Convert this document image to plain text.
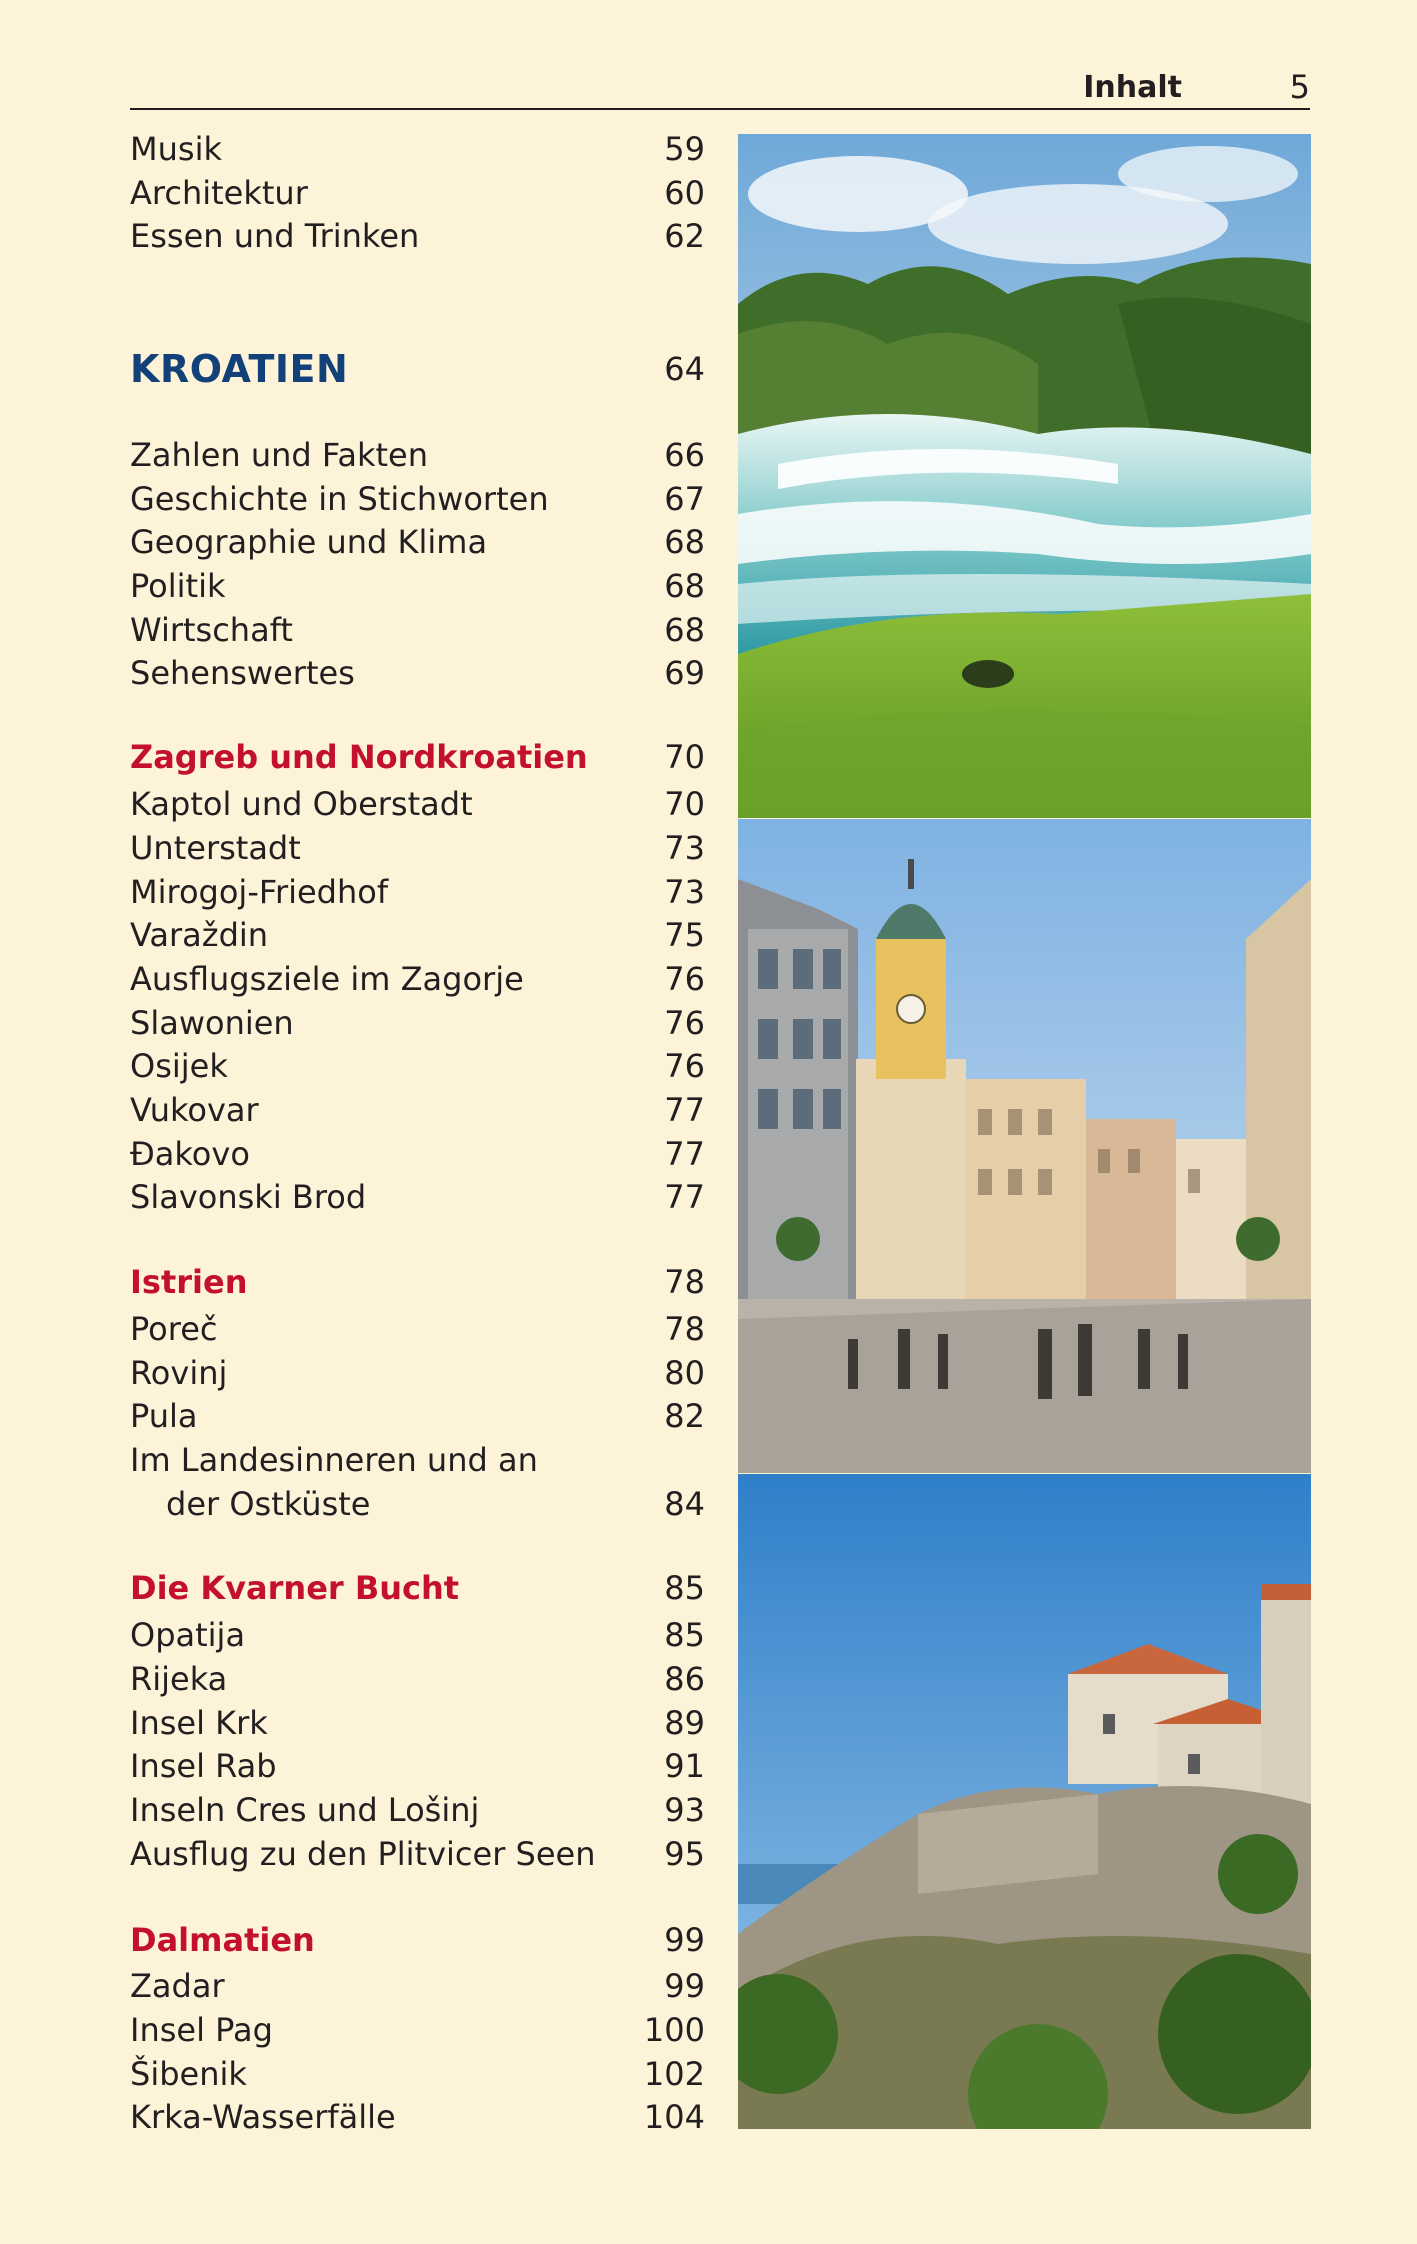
Inhalt	5
Musik	59
Architektur	60
Essen und Trinken	62
KROATIEN	64
Zahlen und Fakten	66
Geschichte in Stichworten	67
Geographie und Klima	68
Politik	68
Wirtschaft	68
Sehenswertes	69
Zagreb und Nordkroatien 70
Kaptol und Oberstadt	70
Unterstadt	73
Mirogoj-Friedhof	73
Varaždin	75
Ausflugsziele im Zagorje	76
Slawonien	76
Osijek	76
Vukovar	77
Đakovo	77
Slavonski Brod	77
Istrien	78
Poreč	78
Rovinj	80
Pula	82
Im Landesinneren und an
der Ostküste	84
Die Kvarner Bucht	85
Opatija	85
Rijeka	86
Insel Krk	89
Insel Rab	91
Inseln Cres und Lošinj	93
Ausflug zu den Plitvicer Seen 95
Dalmatien	99
Zadar	99
Insel Pag	100
Šibenik	102
Krka-Wasserfälle	104
